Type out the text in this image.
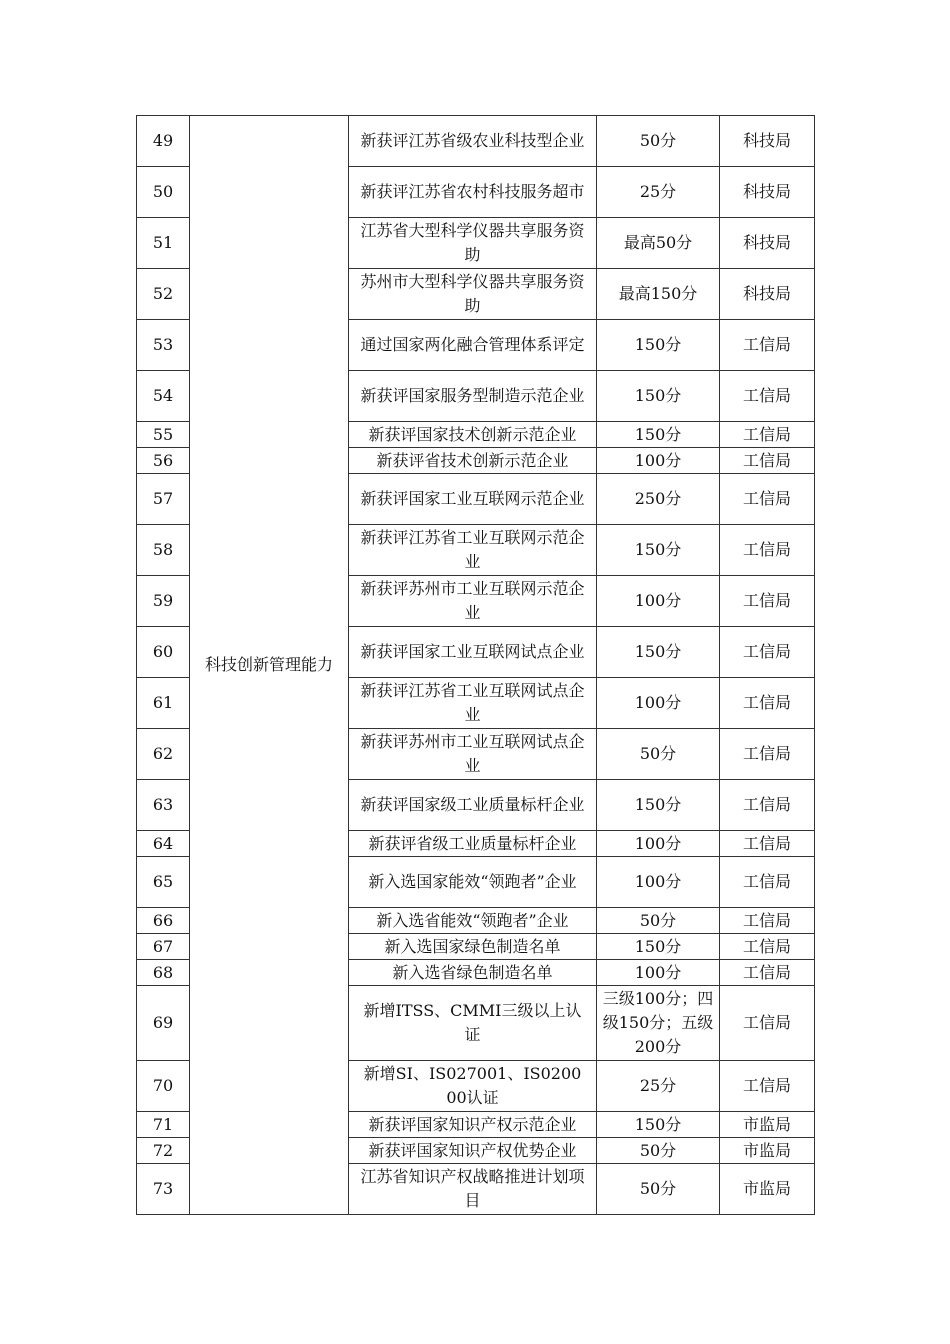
49	科技创新管理能力	新获评江苏省级农业科技型企业	50分	科技局
50		新获评江苏省农村科技服务超市	25分	科技局
51		江苏省大型科学仪器共享服务资助	最高50分	科技局
52		苏州市大型科学仪器共享服务资助	最高150分	科技局
53		通过国家两化融合管理体系评定	150分	工信局
54		新获评国家服务型制造示范企业	150分	工信局
55		新获评国家技术创新示范企业	150分	工信局
56		新获评省技术创新示范企业	100分	工信局
57		新获评国家工业互联网示范企业	250分	工信局
58		新获评江苏省工业互联网示范企业	150分	工信局
59		新获评苏州市工业互联网示范企业	100分	工信局
60		新获评国家工业互联网试点企业	150分	工信局
61		新获评江苏省工业互联网试点企业	100分	工信局
62		新获评苏州市工业互联网试点企业	50分	工信局
63		新获评国家级工业质量标杆企业	150分	工信局
64		新获评省级工业质量标杆企业	100分	工信局
65		新入选国家能效“领跑者”企业	100分	工信局
66		新入选省能效“领跑者”企业	50分	工信局
67		新入选国家绿色制造名单	150分	工信局
68		新入选省绿色制造名单	100分	工信局
69		新增ITSS、CMMI三级以上认证	三级100分；四级150分；五级200分	工信局
70		新增SI、IS027001、IS020000认证	25分	工信局
71		新获评国家知识产权示范企业	150分	市监局
72		新获评国家知识产权优势企业	50分	市监局
73		江苏省知识产权战略推进计划项目	50分	市监局
